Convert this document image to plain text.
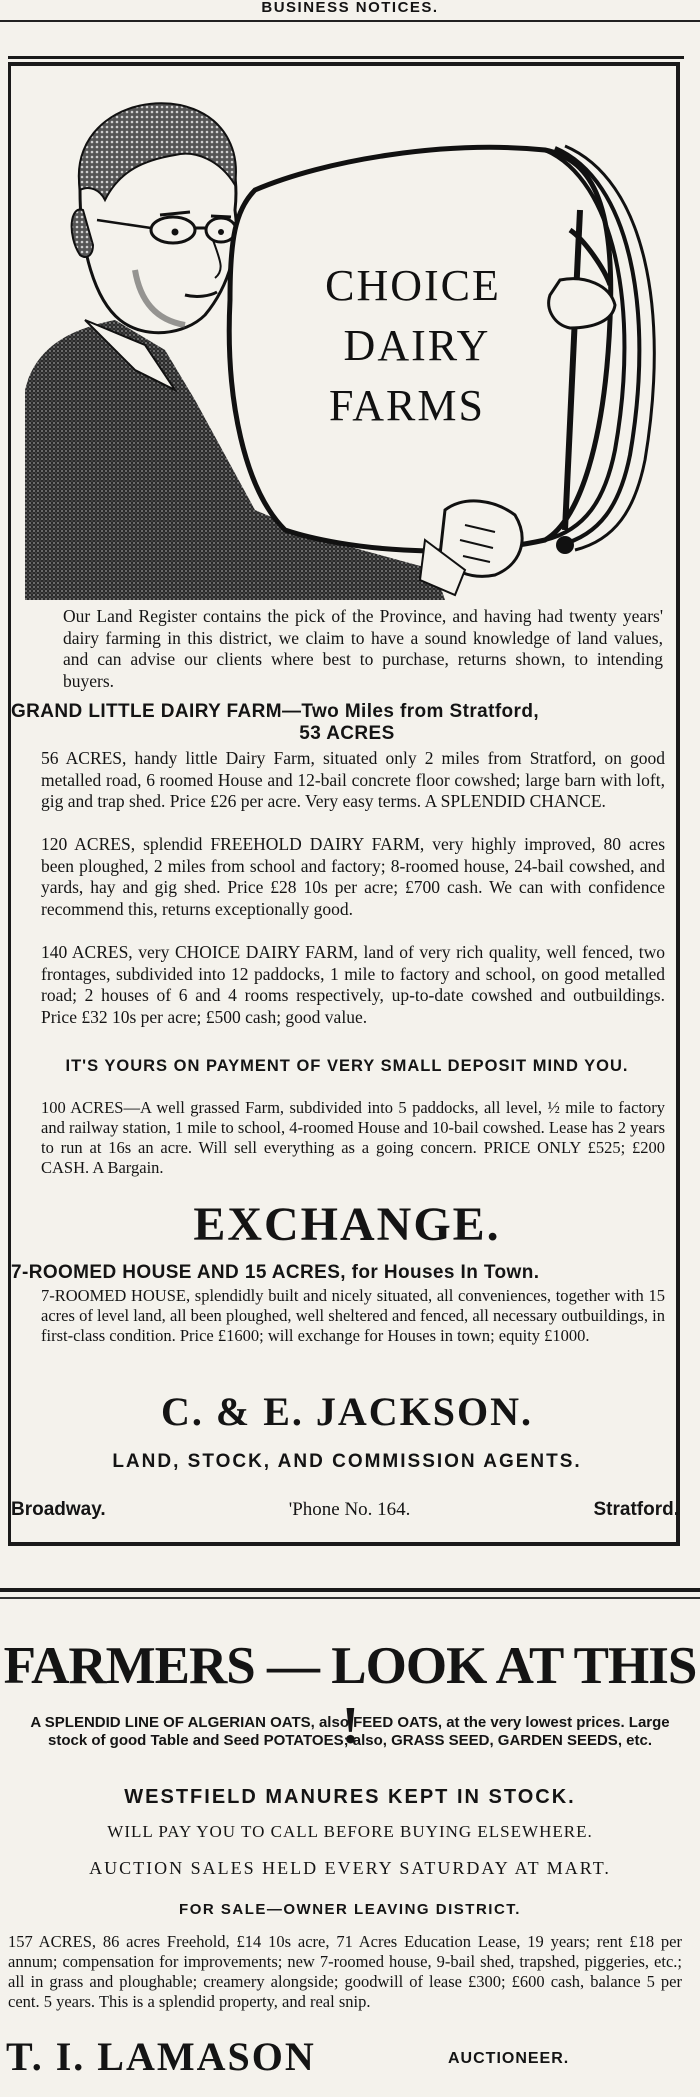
BUSINESS NOTICES.
CHOICE
DAIRY
FARMS
Our Land Register contains the pick of the Province, and having had twenty years' dairy farming in this district, we claim to have a sound knowledge of land values, and can advise our clients where best to purchase, returns shown, to intending buyers.
GRAND LITTLE DAIRY FARM—Two Miles from Stratford,
53 ACRES
56 ACRES, handy little Dairy Farm, situated only 2 miles from Stratford, on good metalled road, 6 roomed House and 12-bail concrete floor cowshed; large barn with loft, gig and trap shed. Price £26 per acre. Very easy terms. A SPLENDID CHANCE.
120 ACRES, splendid FREEHOLD DAIRY FARM, very highly improved, 80 acres been ploughed, 2 miles from school and factory; 8-roomed house, 24-bail cowshed, and yards, hay and gig shed. Price £28 10s per acre; £700 cash. We can with confidence recommend this, returns exceptionally good.
140 ACRES, very CHOICE DAIRY FARM, land of very rich quality, well fenced, two frontages, subdivided into 12 paddocks, 1 mile to factory and school, on good metalled road; 2 houses of 6 and 4 rooms respectively, up-to-date cowshed and outbuildings. Price £32 10s per acre; £500 cash; good value.
IT'S YOURS ON PAYMENT OF VERY SMALL DEPOSIT MIND YOU.
100 ACRES—A well grassed Farm, subdivided into 5 paddocks, all level, ½ mile to factory and railway station, 1 mile to school, 4-roomed House and 10-bail cowshed. Lease has 2 years to run at 16s an acre. Will sell everything as a going concern. PRICE ONLY £525; £200 CASH. A Bargain.
EXCHANGE.
7-ROOMED HOUSE AND 15 ACRES, for Houses In Town.
7-ROOMED HOUSE, splendidly built and nicely situated, all conveniences, together with 15 acres of level land, all been ploughed, well sheltered and fenced, all necessary outbuildings, in first-class condition. Price £1600; will exchange for Houses in town; equity £1000.
C. & E. JACKSON.
LAND, STOCK, AND COMMISSION AGENTS.
Broadway.	'Phone No. 164.	Stratford.
FARMERS — LOOK AT THIS !
A SPLENDID LINE OF ALGERIAN OATS, also FEED OATS, at the very lowest prices. Large stock of good Table and Seed POTATOES; also, GRASS SEED, GARDEN SEEDS, etc.
WESTFIELD MANURES KEPT IN STOCK.
WILL PAY YOU TO CALL BEFORE BUYING ELSEWHERE.
AUCTION SALES HELD EVERY SATURDAY AT MART.
FOR SALE—OWNER LEAVING DISTRICT.
157 ACRES, 86 acres Freehold, £14 10s acre, 71 Acres Education Lease, 19 years; rent £18 per annum; compensation for improvements; new 7-roomed house, 9-bail shed, trapshed, piggeries, etc.; all in grass and ploughable; creamery alongside; goodwill of lease £300; £600 cash, balance 5 per cent. 5 years. This is a splendid property, and real snip.
T. I. LAMASON	AUCTIONEER.
